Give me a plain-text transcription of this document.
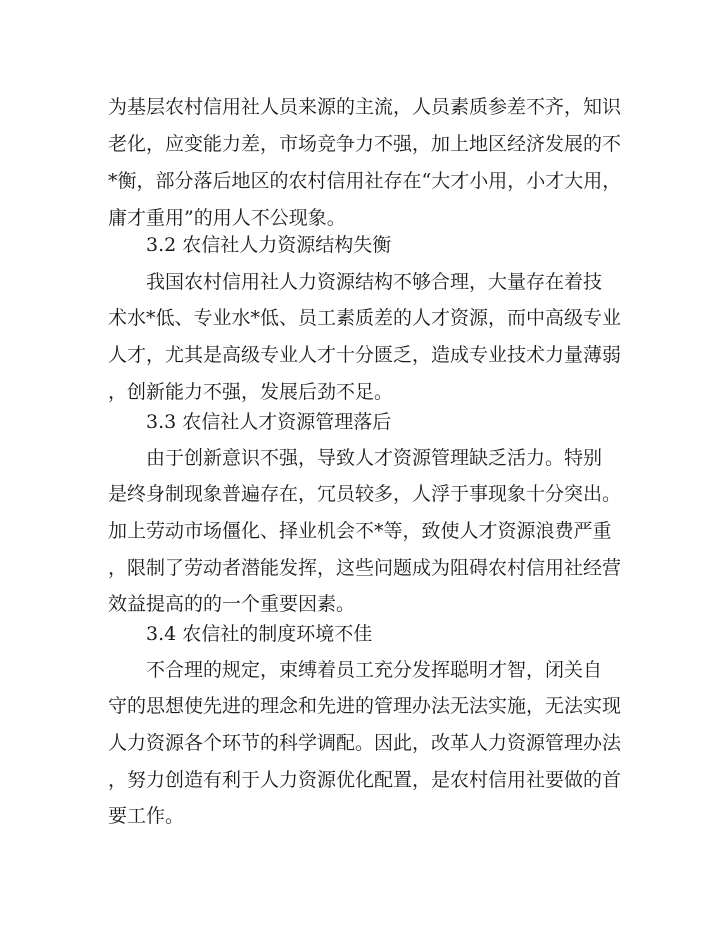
为基层农村信用社人员来源的主流，人员素质参差不齐，知识
老化，应变能力差，市场竞争力不强，加上地区经济发展的不
*衡，部分落后地区的农村信用社存在“大才小用，小才大用，
庸才重用”的用人不公现象。
3.2 农信社人力资源结构失衡
我国农村信用社人力资源结构不够合理，大量存在着技
术水*低、专业水*低、员工素质差的人才资源，而中高级专业
人才，尤其是高级专业人才十分匮乏，造成专业技术力量薄弱
，创新能力不强，发展后劲不足。
3.3 农信社人才资源管理落后
由于创新意识不强，导致人才资源管理缺乏活力。特别
是终身制现象普遍存在，冗员较多，人浮于事现象十分突出。
加上劳动市场僵化、择业机会不*等，致使人才资源浪费严重
，限制了劳动者潜能发挥，这些问题成为阻碍农村信用社经营
效益提高的的一个重要因素。
3.4 农信社的制度环境不佳
不合理的规定，束缚着员工充分发挥聪明才智，闭关自
守的思想使先进的理念和先进的管理办法无法实施，无法实现
人力资源各个环节的科学调配。因此，改革人力资源管理办法
，努力创造有利于人力资源优化配置，是农村信用社要做的首
要工作。
